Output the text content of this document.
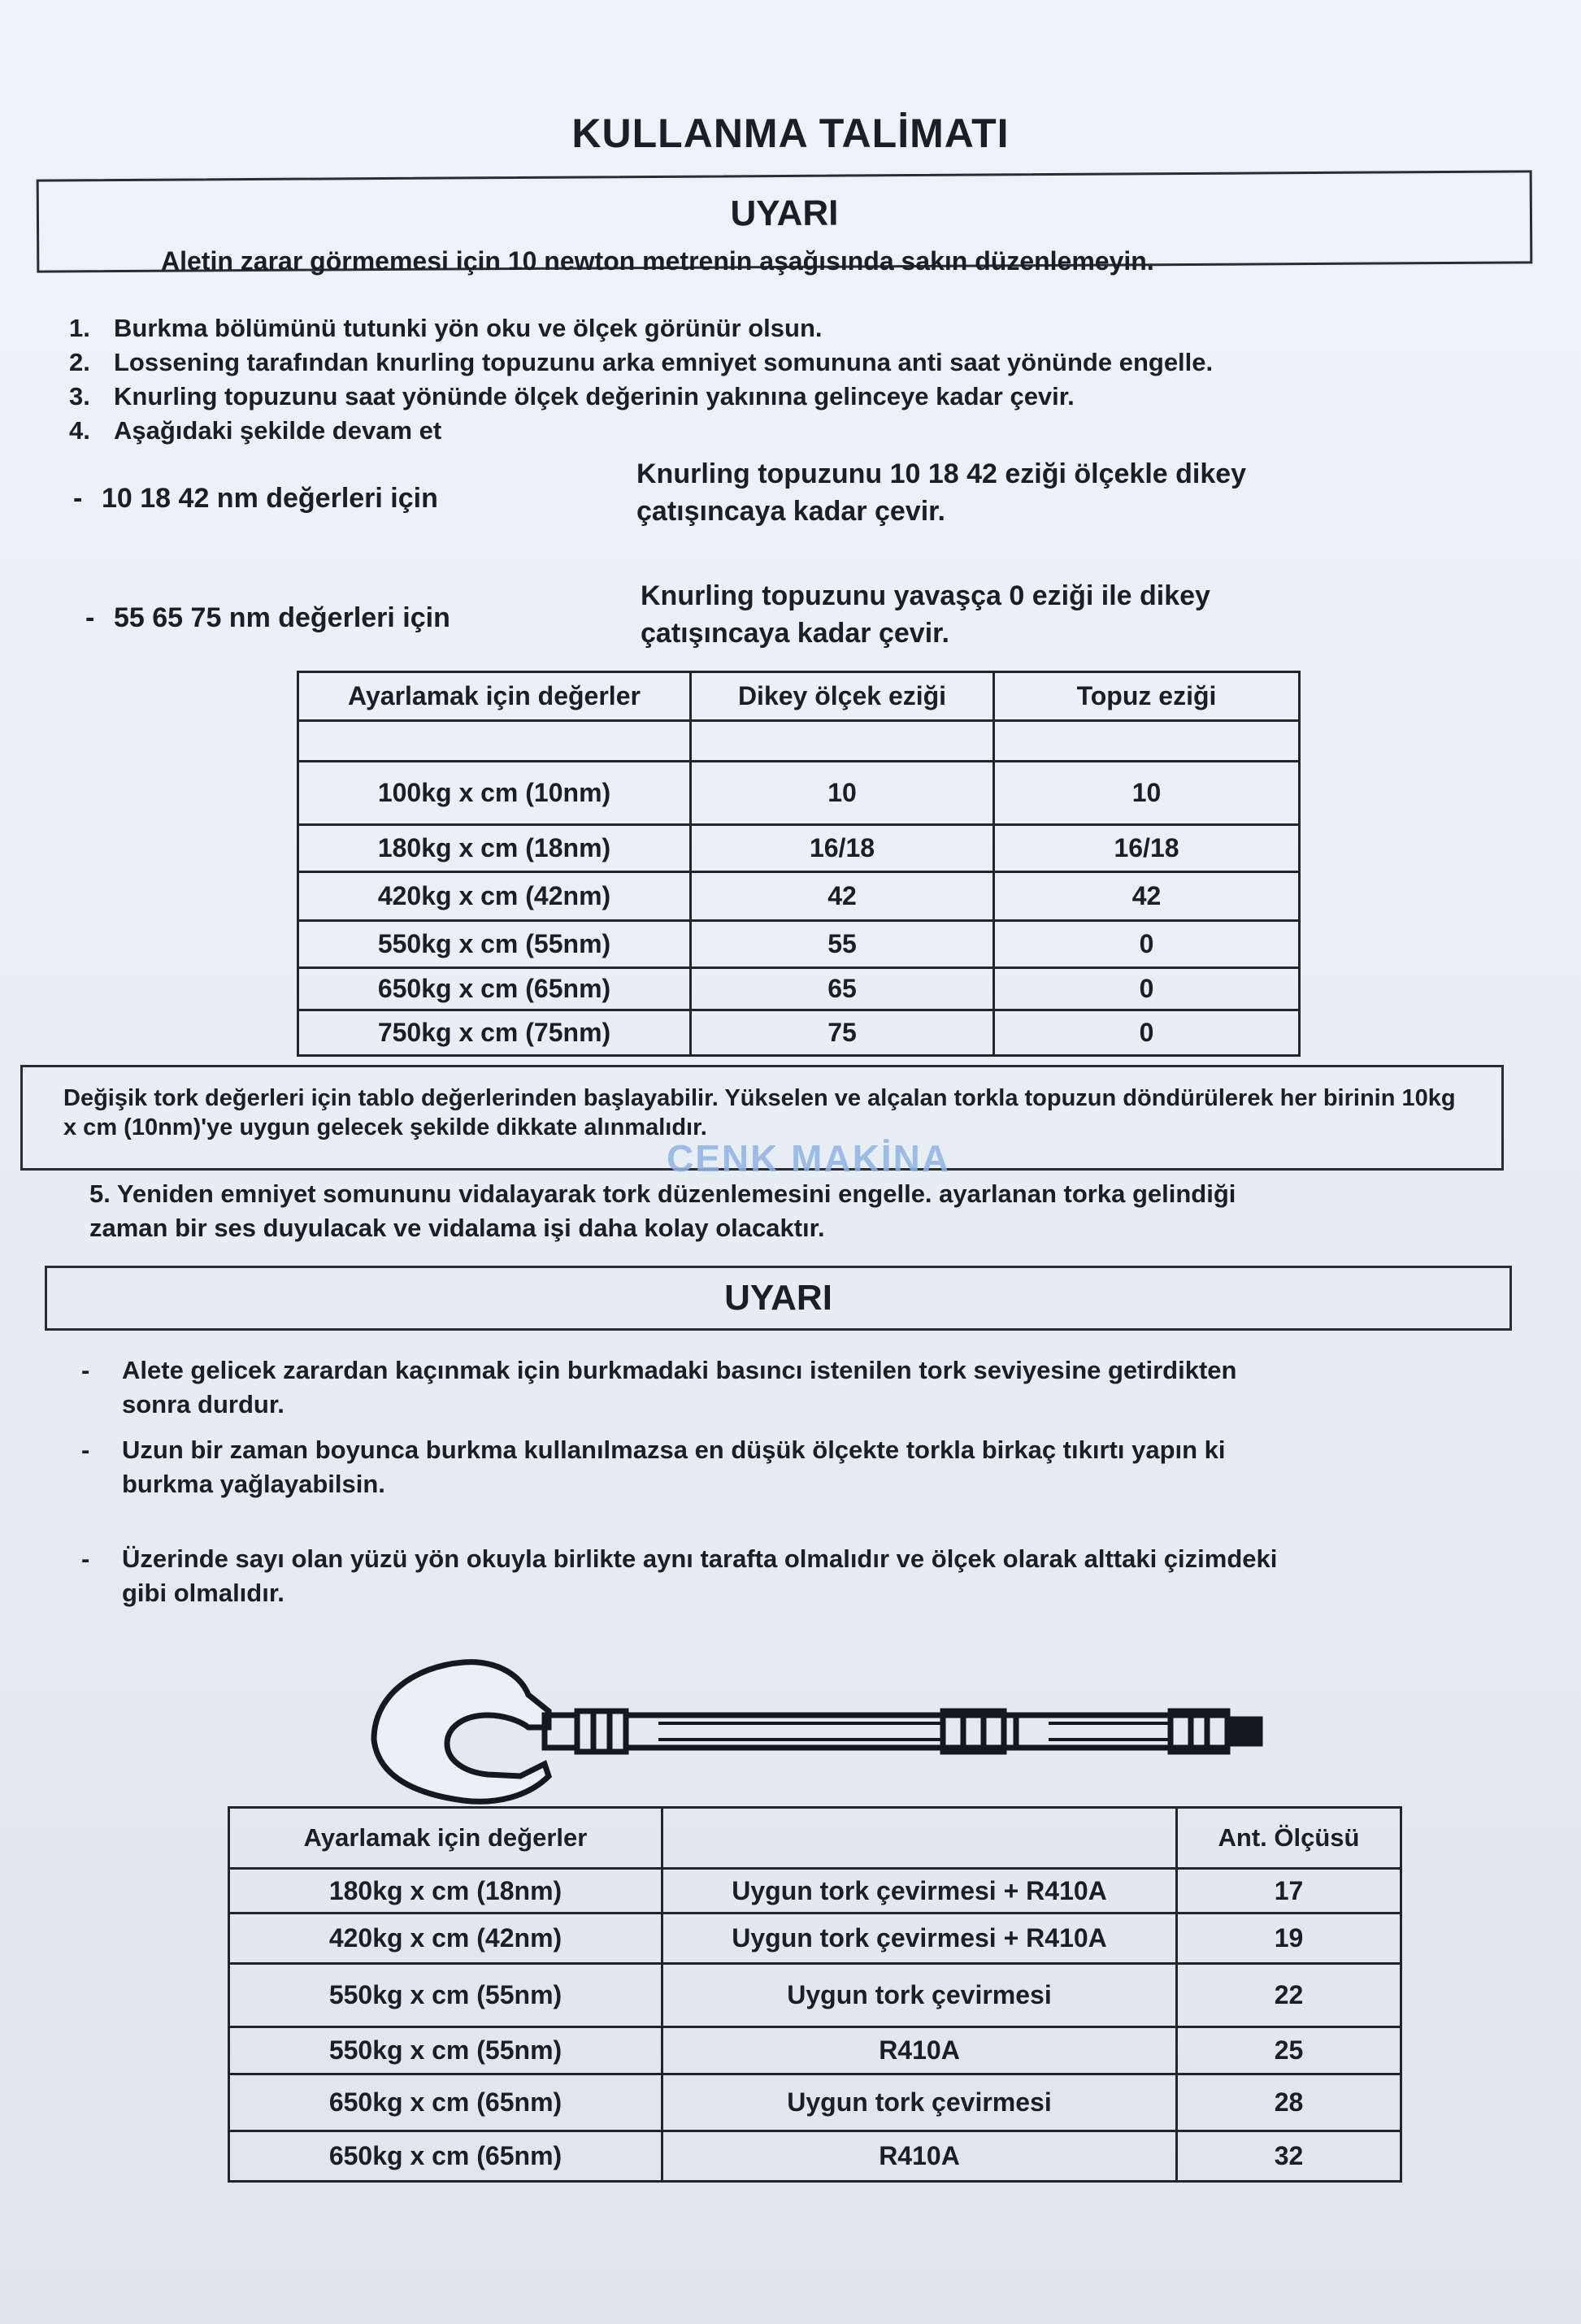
KULLANMA TALİMATI
UYARI
Aletin zarar görmemesi için 10 newton metrenin aşağısında sakın düzenlemeyin.
1. Burkma bölümünü tutunki yön oku ve ölçek görünür olsun.
2. Lossening tarafından knurling topuzunu arka emniyet somununa anti saat yönünde engelle.
3. Knurling topuzunu saat yönünde ölçek değerinin yakınına gelinceye kadar çevir.
4. Aşağıdaki şekilde devam et
- 10 18 42 nm değerleri için
Knurling topuzunu 10 18 42 eziği ölçekle dikey çatışıncaya kadar çevir.
- 55 65 75 nm değerleri için
Knurling topuzunu yavaşça 0 eziği ile dikey çatışıncaya kadar çevir.
Ayarlamak için değerler	Dikey ölçek eziği	Topuz eziği

100kg x cm (10nm)	10	10
180kg x cm (18nm)	16/18	16/18
420kg x cm (42nm)	42	42
550kg x cm (55nm)	55	0
650kg x cm (65nm)	65	0
750kg x cm (75nm)	75	0
Değişik tork değerleri için tablo değerlerinden başlayabilir. Yükselen ve alçalan torkla topuzun döndürülerek her birinin 10kg x cm (10nm)'ye uygun gelecek şekilde dikkate alınmalıdır.
CENK MAKİNA
5. Yeniden emniyet somununu vidalayarak tork düzenlemesini engelle. ayarlanan torka gelindiği zaman bir ses duyulacak ve vidalama işi daha kolay olacaktır.
UYARI
-	Alete gelicek zarardan kaçınmak için burkmadaki basıncı istenilen tork seviyesine getirdikten sonra durdur.
-	Uzun bir zaman boyunca burkma kullanılmazsa en düşük ölçekte torkla birkaç tıkırtı yapın ki burkma yağlayabilsin.
-	Üzerinde sayı olan yüzü yön okuyla birlikte aynı tarafta olmalıdır ve ölçek olarak alttaki çizimdeki gibi olmalıdır.
Ayarlamak için değerler		Ant. Ölçüsü
180kg x cm (18nm)	Uygun tork çevirmesi + R410A	17
420kg x cm (42nm)	Uygun tork çevirmesi + R410A	19
550kg x cm (55nm)	Uygun tork çevirmesi	22
550kg x cm (55nm)	R410A	25
650kg x cm (65nm)	Uygun tork çevirmesi	28
650kg x cm (65nm)	R410A	32
